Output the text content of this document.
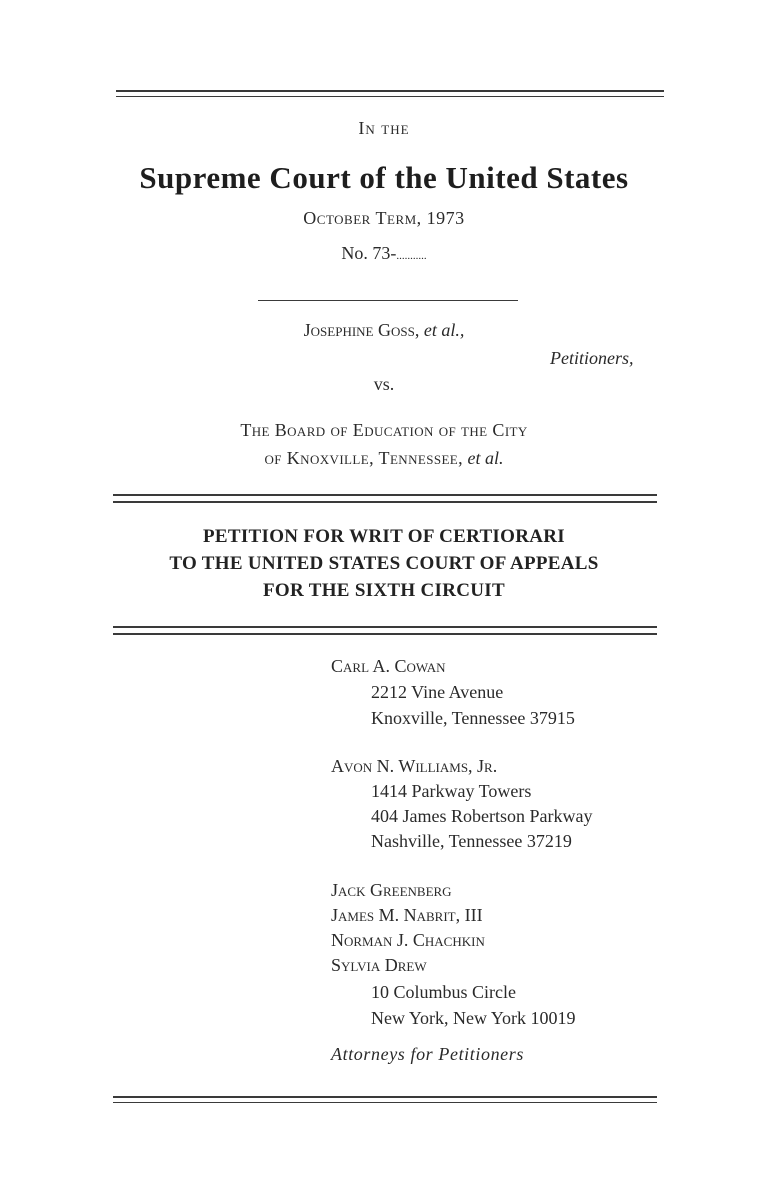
In the
Supreme Court of the United States
October Term, 1973
No. 73-...........
Josephine Goss, et al.,
Petitioners,
vs.
The Board of Education of the City
of Knoxville, Tennessee, et al.
PETITION FOR WRIT OF CERTIORARI
TO THE UNITED STATES COURT OF APPEALS
FOR THE SIXTH CIRCUIT
Carl A. Cowan
2212 Vine Avenue
Knoxville, Tennessee 37915
Avon N. Williams, Jr.
1414 Parkway Towers
404 James Robertson Parkway
Nashville, Tennessee 37219
Jack Greenberg
James M. Nabrit, III
Norman J. Chachkin
Sylvia Drew
10 Columbus Circle
New York, New York 10019
Attorneys for Petitioners
